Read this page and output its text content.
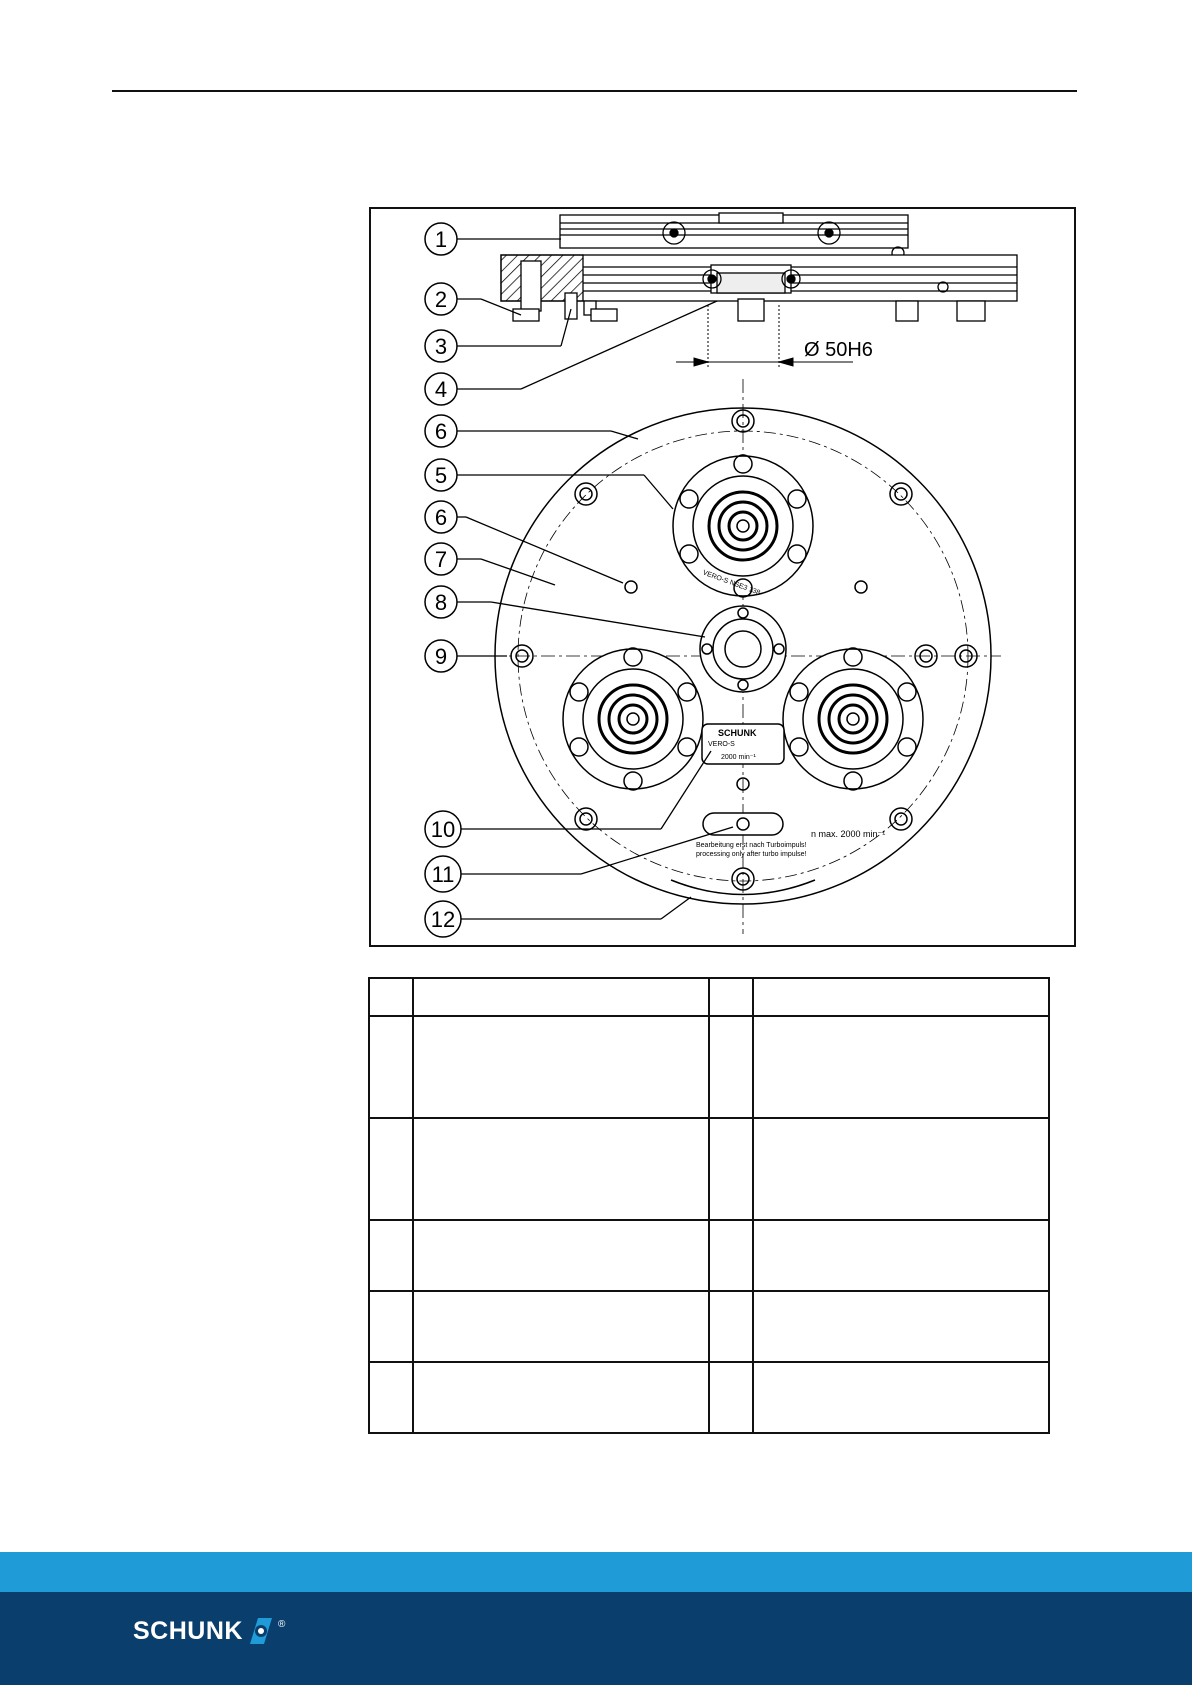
Ø 50H6
SCHUNK
VERO-S
2000 min⁻¹
Bearbeitung erst nach Turboimpuls!
processing only after turbo impulse!
n max. 2000 min⁻¹
VERO-S NSE3 138
1
2
3
4
6
5
6
7
8
9
10
11
12

SCHUNK	®
